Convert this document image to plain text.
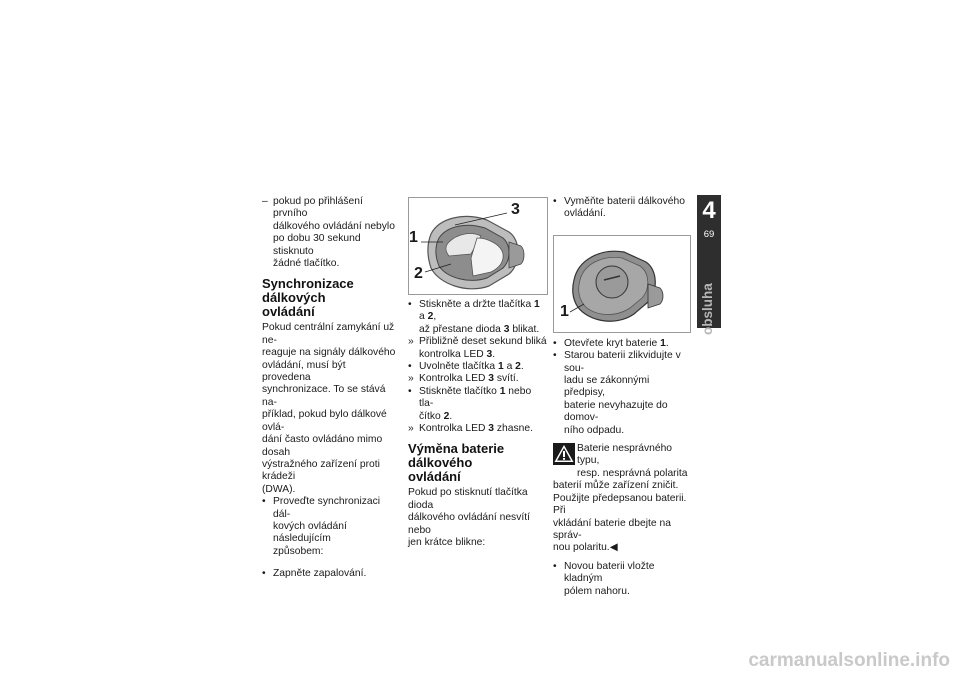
– pokud po přihlášení prvního
dálkového ovládání nebylo
po dobu 30 sekund stisknuto
žádné tlačítko.
Synchronizace dálkových
ovládání
Pokud centrální zamykání už ne-
reaguje na signály dálkového
ovládání, musí být provedena
synchronizace. To se stává na-
příklad, pokud bylo dálkové ovlá-
dání často ovládáno mimo dosah
výstražného zařízení proti krádeži
(DWA).
• Proveďte synchronizaci dál-
kových ovládání následujícím
způsobem:
• Zapněte zapalování.
1
2
3
• Stiskněte a držte tlačítka 1 a 2,
až přestane dioda 3 blikat.
» Přibližně deset sekund bliká
kontrolka LED 3.
• Uvolněte tlačítka 1 a 2.
» Kontrolka LED 3 svítí.
• Stiskněte tlačítko 1 nebo tla-
čítko 2.
» Kontrolka LED 3 zhasne.
Výměna baterie dálkového
ovládání
Pokud po stisknutí tlačítka dioda
dálkového ovládání nesvítí nebo
jen krátce bliknе:
• Vyměňte baterii dálkového
ovládání.
1
• Otevřete kryt baterie 1.
• Starou baterii zlikvidujte v sou-
ladu se zákonnými předpisy,
baterie nevyhazujte do domov-
ního odpadu.
Baterie nesprávného typu,
resp. nesprávná polarita
baterií může zařízení zničit.
Použijte předepsanou baterii. Při
vkládání baterie dbejte na správ-
nou polaritu.◀
• Novou baterii vložte kladným
pólem nahoru.
4
69
obsluha
carmanualsonline.info
